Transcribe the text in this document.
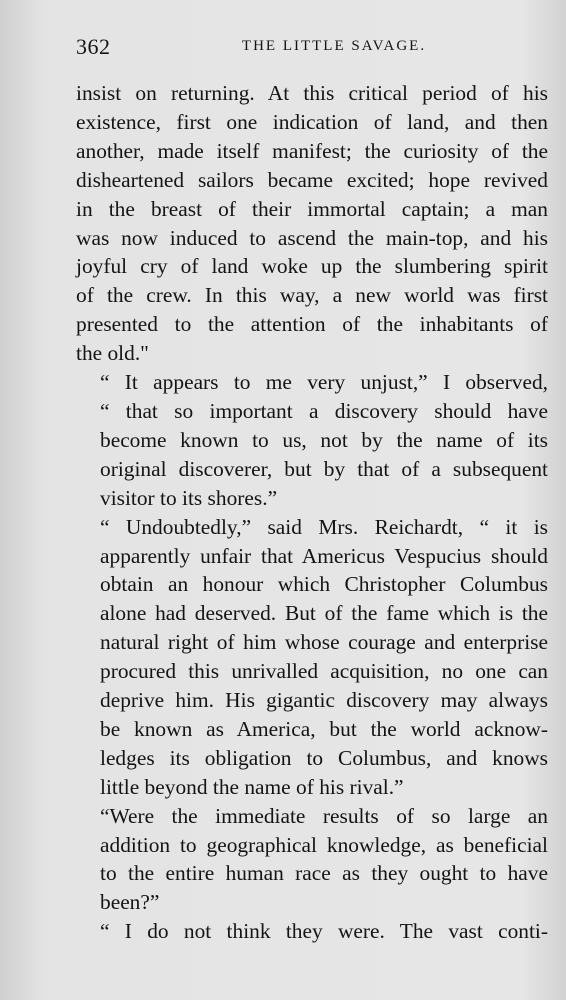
362	THE LITTLE SAVAGE.

insist on returning. At this critical period of his
existence, first one indication of land, and then
another, made itself manifest; the curiosity of the
disheartened sailors became excited; hope revived
in the breast of their immortal captain; a man
was now induced to ascend the main-top, and his
joyful cry of land woke up the slumbering spirit
of the crew. In this way, a new world was first
presented to the attention of the inhabitants of
the old."

“ It appears to me very unjust,” I observed,
“ that so important a discovery should have
become known to us, not by the name of its
original discoverer, but by that of a subsequent
visitor to its shores.”

“ Undoubtedly,” said Mrs. Reichardt, “ it is
apparently unfair that Americus Vespucius should
obtain an honour which Christopher Columbus
alone had deserved. But of the fame which is the
natural right of him whose courage and enterprise
procured this unrivalled acquisition, no one can
deprive him. His gigantic discovery may always
be known as America, but the world acknow-
ledges its obligation to Columbus, and knows
little beyond the name of his rival.”

“Were the immediate results of so large an
addition to geographical knowledge, as beneficial
to the entire human race as they ought to have
been?”

“ I do not think they were. The vast conti-
